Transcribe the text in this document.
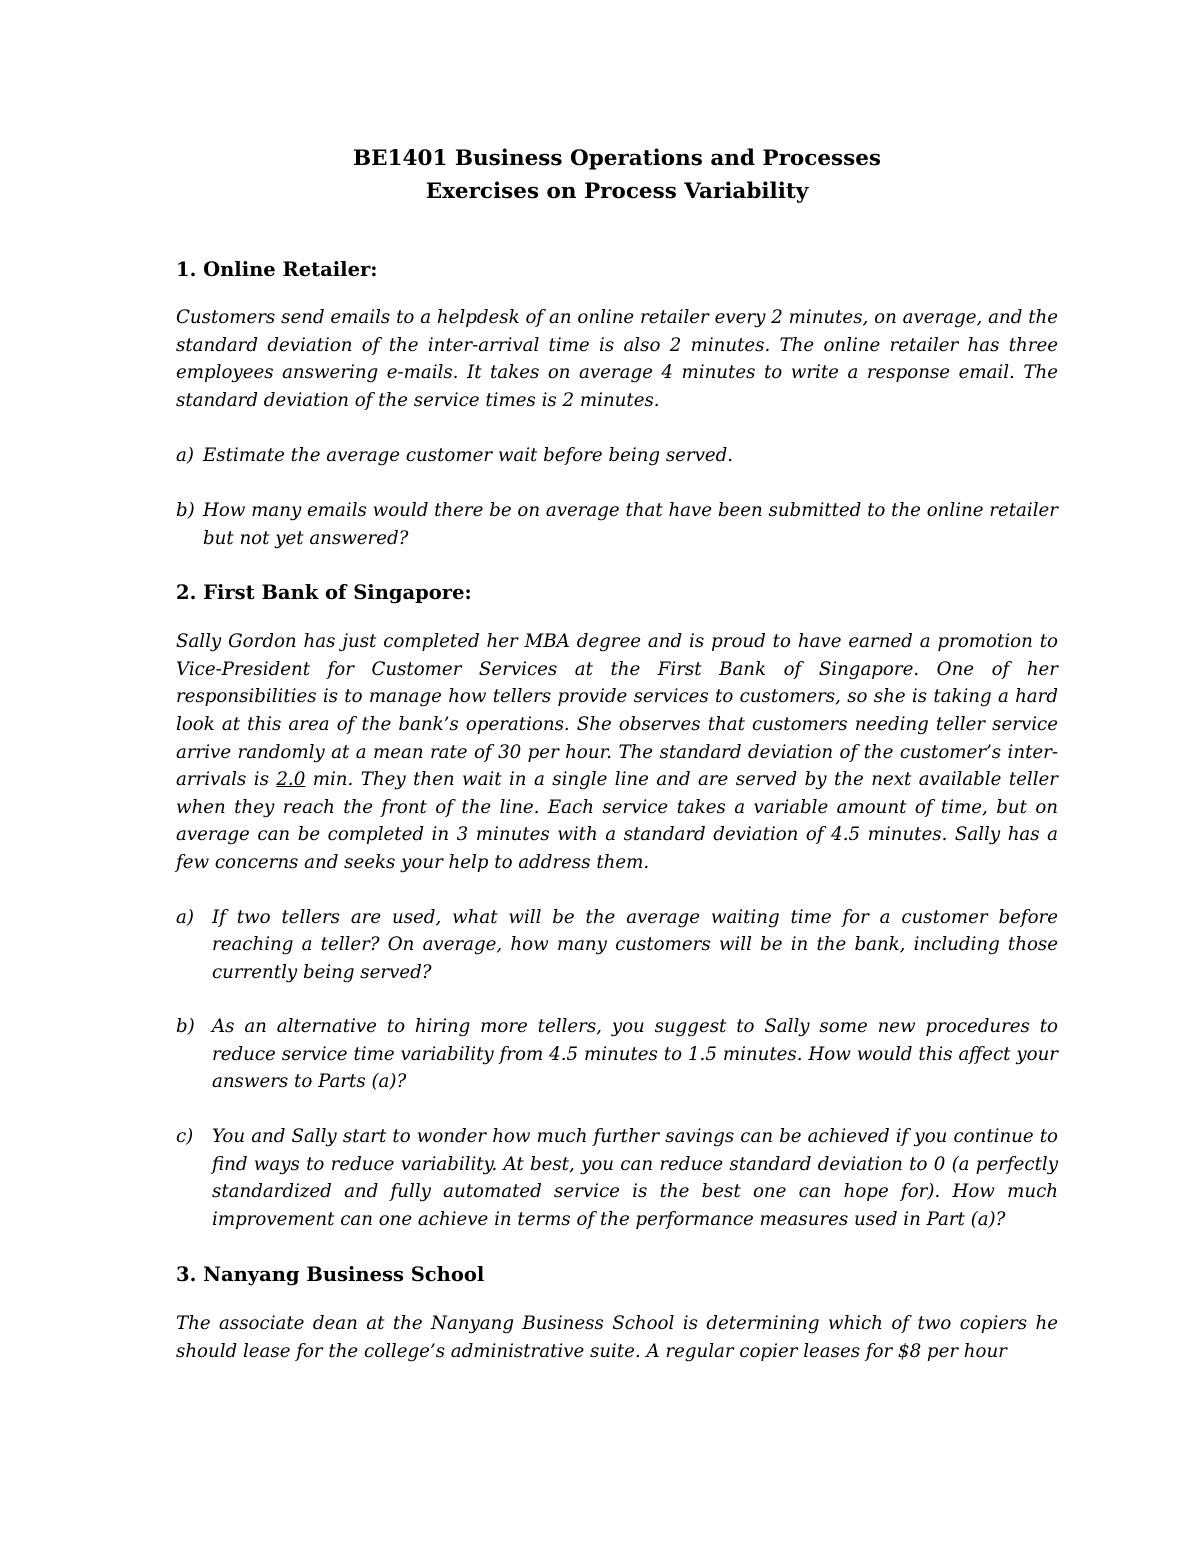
BE1401 Business Operations and Processes

Exercises on Process Variability

1. Online Retailer:

Customers send emails to a helpdesk of an online retailer every 2 minutes, on average, and the standard deviation of the inter-arrival time is also 2 minutes. The online retailer has three employees answering e-mails. It takes on average 4 minutes to write a response email. The standard deviation of the service times is 2 minutes.

a) Estimate the average customer wait before being served.
b) How many emails would there be on average that have been submitted to the online retailer but not yet answered?

2. First Bank of Singapore:

Sally Gordon has just completed her MBA degree and is proud to have earned a promotion to Vice-President for Customer Services at the First Bank of Singapore. One of her responsibilities is to manage how tellers provide services to customers, so she is taking a hard look at this area of the bank’s operations. She observes that customers needing teller service arrive randomly at a mean rate of 30 per hour. The standard deviation of the customer’s inter-arrivals is 2.0 min. They then wait in a single line and are served by the next available teller when they reach the front of the line. Each service takes a variable amount of time, but on average can be completed in 3 minutes with a standard deviation of 4.5 minutes. Sally has a few concerns and seeks your help to address them.

a) If two tellers are used, what will be the average waiting time for a customer before reaching a teller? On average, how many customers will be in the bank, including those currently being served?
b) As an alternative to hiring more tellers, you suggest to Sally some new procedures to reduce service time variability from 4.5 minutes to 1.5 minutes. How would this affect your answers to Parts (a)?
c)	You and Sally start to wonder how much further savings can be achieved if you continue to find ways to reduce variability. At best, you can reduce standard deviation to 0 (a perfectly standardized and fully automated service is the best one can hope for). How much improvement can one achieve in terms of the performance measures used in Part (a)?

3. Nanyang Business School

The associate dean at the Nanyang Business School is determining which of two copiers he should lease for the college’s administrative suite. A regular copier leases for $8 per hour
